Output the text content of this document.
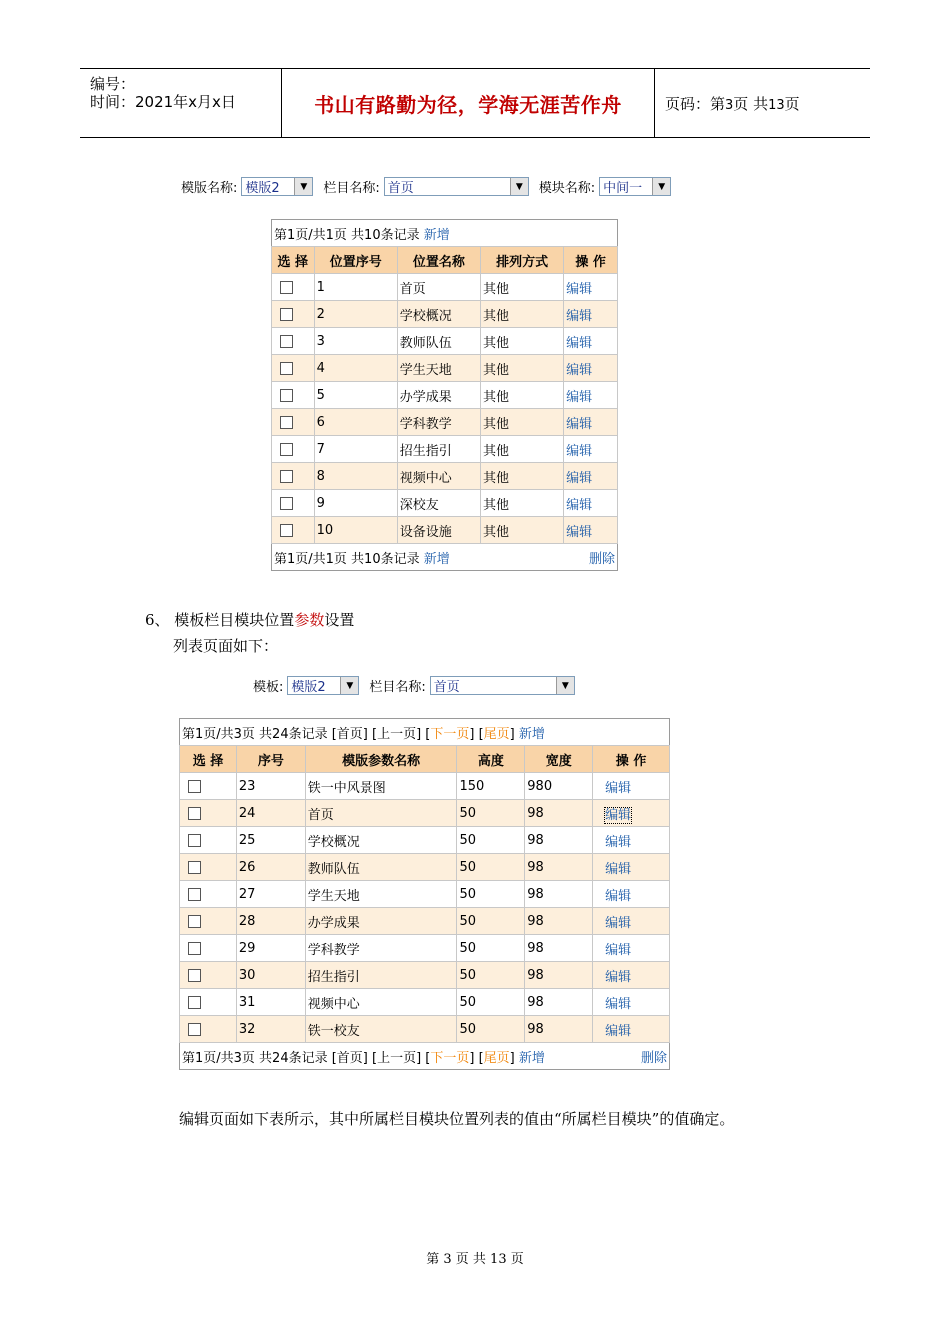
编号：
时间：2021年x月x日	书山有路勤为径，学海无涯苦作舟	页码：第3页 共13页
模版名称: 模版2	▼	栏目名称: 首页	▼	模块名称: 中间一	▼
第1页/共1页 共10条记录 新增				
选 择	位置序号	位置名称	排列方式	操 作
	1	首页	其他	编辑
	2	学校概况	其他	编辑
	3	教师队伍	其他	编辑
	4	学生天地	其他	编辑
	5	办学成果	其他	编辑
	6	学科教学	其他	编辑
	7	招生指引	其他	编辑
	8	视频中心	其他	编辑
	9	深校友	其他	编辑
	10	设备设施	其他	编辑
第1页/共1页 共10条记录 新增 删除				
6、 模板栏目模块位置参数设置
列表页面如下：
模板: 模版2	▼	栏目名称: 首页	▼
第1页/共3页 共24条记录 [首页] [上一页] [下一页] [尾页] 新增					
选 择	序号	模版参数名称	高度	宽度	操 作
	23	铁一中风景图	150	980	编辑
	24	首页	50	98	编辑
	25	学校概况	50	98	编辑
	26	教师队伍	50	98	编辑
	27	学生天地	50	98	编辑
	28	办学成果	50	98	编辑
	29	学科教学	50	98	编辑
	30	招生指引	50	98	编辑
	31	视频中心	50	98	编辑
	32	铁一校友	50	98	编辑
第1页/共3页 共24条记录 [首页] [上一页] [下一页] [尾页] 新增 删除					
编辑页面如下表所示，其中所属栏目模块位置列表的值由“所属栏目模块”的值确定。
第 3 页 共 13 页
